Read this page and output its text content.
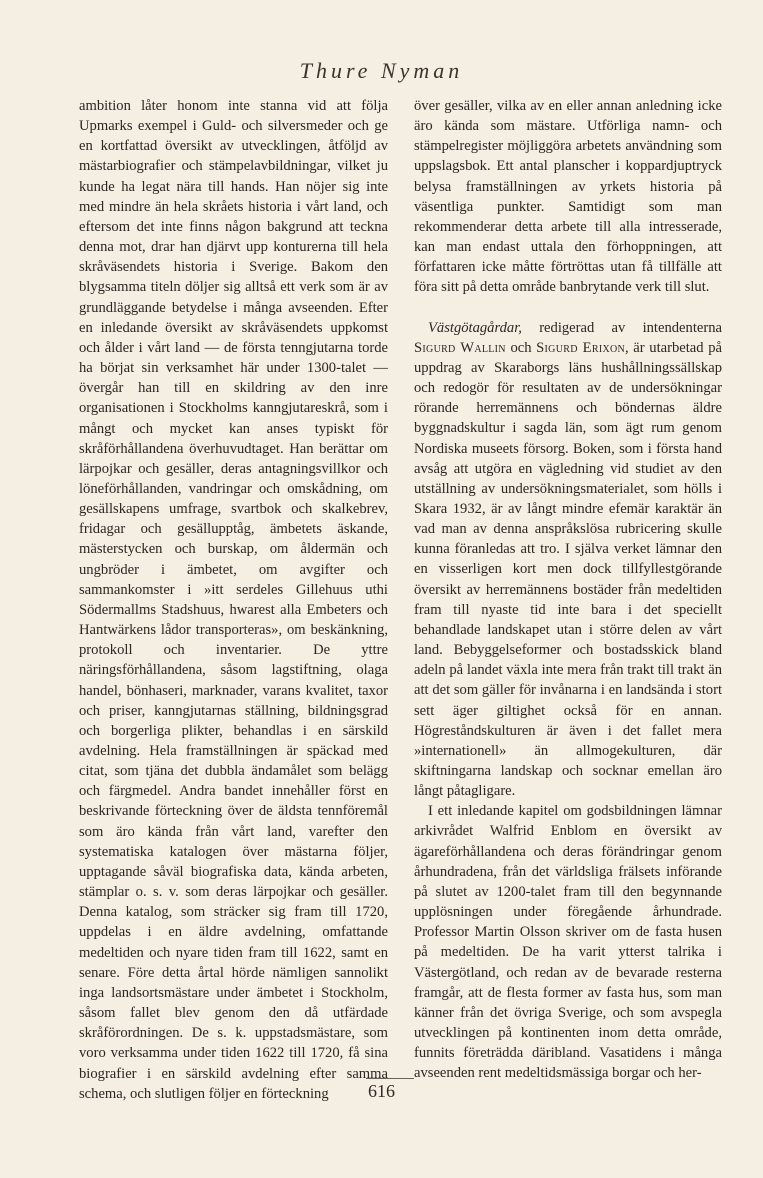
Thure Nyman

ambition låter honom inte stanna vid att följa Upmarks exempel i Guld- och silversmeder och ge en kortfattad översikt av utvecklingen, åtföljd av mästarbiografier och stämpelavbildningar, vilket ju kunde ha legat nära till hands. Han nöjer sig inte med mindre än hela skråets historia i vårt land, och eftersom det inte finns någon bakgrund att teckna denna mot, drar han djärvt upp konturerna till hela skråväsendets historia i Sverige. Bakom den blygsamma titeln döljer sig alltså ett verk som är av grundläggande betydelse i många avseenden. Efter en inledande översikt av skråväsendets uppkomst och ålder i vårt land — de första tenngjutarna torde ha börjat sin verksamhet här under 1300-talet — övergår han till en skildring av den inre organisationen i Stockholms kanngjutareskrå, som i mångt och mycket kan anses typiskt för skråförhållandena överhuvudtaget. Han berättar om lärpojkar och gesäller, deras antagningsvillkor och löneförhållanden, vandringar och omskådning, om gesällskapens umfrage, svartbok och skalkebrev, fridagar och gesällupptåg, ämbetets äskande, mästerstycken och burskap, om åldermän och ungbröder i ämbetet, om avgifter och sammankomster i »itt serdeles Gillehuus uthi Södermallms Stadshuus, hwarest alla Embeters och Hantwärkens lådor transporteras», om beskänkning, protokoll och inventarier. De yttre näringsförhållandena, såsom lagstiftning, olaga handel, bönhaseri, marknader, varans kvalitet, taxor och priser, kanngjutarnas ställning, bildningsgrad och borgerliga plikter, behandlas i en särskild avdelning. Hela framställningen är späckad med citat, som tjäna det dubbla ändamålet som belägg och färgmedel. Andra bandet innehåller först en beskrivande förteckning över de äldsta tennföremål som äro kända från vårt land, varefter den systematiska katalogen över mästarna följer, upptagande såväl biografiska data, kända arbeten, stämplar o. s. v. som deras lärpojkar och gesäller. Denna katalog, som sträcker sig fram till 1720, uppdelas i en äldre avdelning, omfattande medeltiden och nyare tiden fram till 1622, samt en senare. Före detta årtal hörde nämligen sannolikt inga landsortsmästare under ämbetet i Stockholm, såsom fallet blev genom den då utfärdade skråförordningen. De s. k. uppstadsmästare, som voro verksamma under tiden 1622 till 1720, få sina biografier i en särskild avdelning efter samma schema, och slutligen följer en förteckning

över gesäller, vilka av en eller annan anledning icke äro kända som mästare. Utförliga namn- och stämpelregister möjliggöra arbetets användning som uppslagsbok. Ett antal planscher i koppardjuptryck belysa framställningen av yrkets historia på väsentliga punkter. Samtidigt som man rekommenderar detta arbete till alla intresserade, kan man endast uttala den förhoppningen, att författaren icke måtte förtröttas utan få tillfälle att föra sitt på detta område banbrytande verk till slut.

Västgötagårdar, redigerad av intendenterna Sigurd Wallin och Sigurd Erixon, är utarbetad på uppdrag av Skaraborgs läns hushållningssällskap och redogör för resultaten av de undersökningar rörande herremännens och böndernas äldre byggnadskultur i sagda län, som ägt rum genom Nordiska museets försorg. Boken, som i första hand avsåg att utgöra en vägledning vid studiet av den utställning av undersökningsmaterialet, som hölls i Skara 1932, är av långt mindre efemär karaktär än vad man av denna anspråkslösa rubricering skulle kunna föranledas att tro. I själva verket lämnar den en visserligen kort men dock tillfyllestgörande översikt av herremännens bostäder från medeltiden fram till nyaste tid inte bara i det speciellt behandlade landskapet utan i större delen av vårt land. Bebyggelseformer och bostadsskick bland adeln på landet växla inte mera från trakt till trakt än att det som gäller för invånarna i en landsända i stort sett äger giltighet också för en annan. Högreståndskulturen är även i det fallet mera »internationell» än allmogekulturen, där skiftningarna landskap och socknar emellan äro långt påtagligare.

I ett inledande kapitel om godsbildningen lämnar arkivrådet Walfrid Enblom en översikt av ägareförhållandena och deras förändringar genom århundradena, från det världsliga frälsets införande på slutet av 1200-talet fram till den begynnande upplösningen under föregående århundrade. Professor Martin Olsson skriver om de fasta husen på medeltiden. De ha varit ytterst talrika i Västergötland, och redan av de bevarade resterna framgår, att de flesta former av fasta hus, som man känner från det övriga Sverige, och som avspegla utvecklingen på kontinenten inom detta område, funnits företrädda däribland. Vasatidens i många avseenden rent medeltidsmässiga borgar och her-

616
